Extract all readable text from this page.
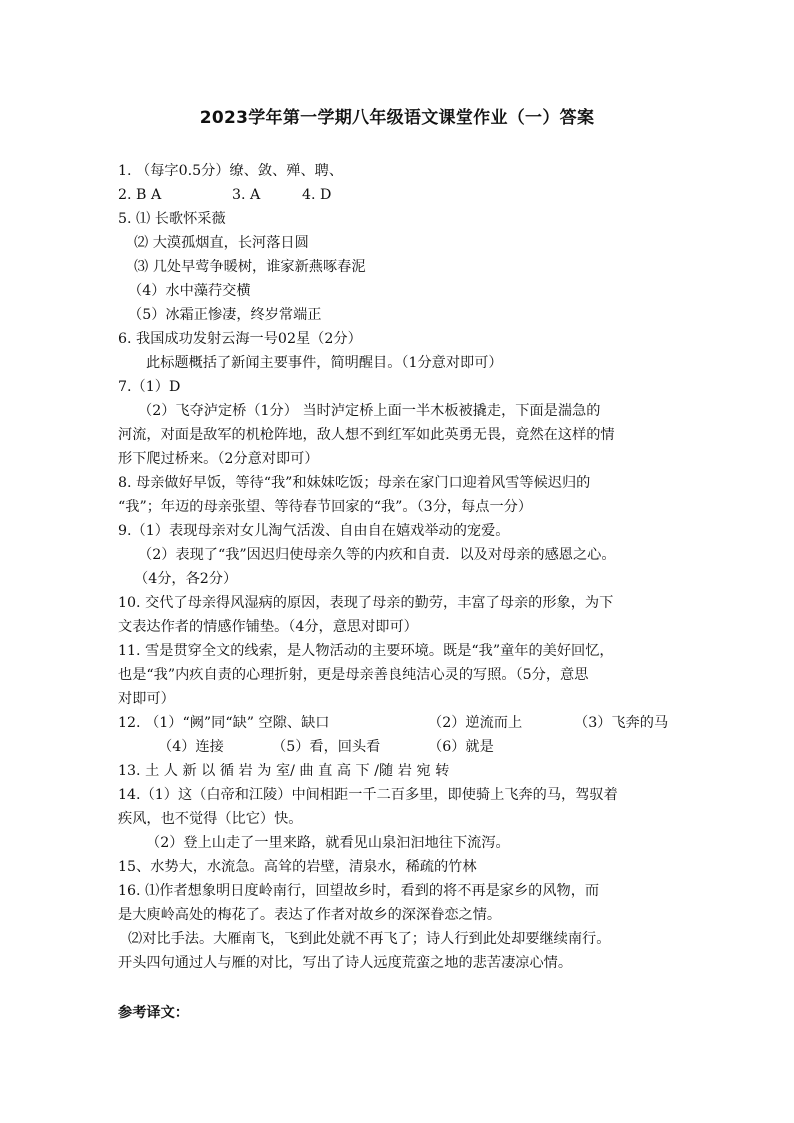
2023学年第一学期八年级语文课堂作业（一）答案
1. （每字0.5分）缭、敛、殚、聘、
2. B A	3. A	4. D
5. ⑴ 长歌怀采薇
⑵ 大漠孤烟直，长河落日圆
⑶ 几处早莺争暖树，谁家新燕啄春泥
（4）水中藻荇交横
（5）冰霜正惨凄，终岁常端正
6. 我国成功发射云海一号02星（2分）
此标题概括了新闻主要事件，简明醒目。（1分意对即可）
7.（1）D
（2）飞夺泸定桥（1分） 当时泸定桥上面一半木板被撬走，下面是湍急的
河流，对面是敌军的机枪阵地，敌人想不到红军如此英勇无畏，竟然在这样的情
形下爬过桥来。（2分意对即可）
8. 母亲做好早饭，等待“我”和妹妹吃饭；母亲在家门口迎着风雪等候迟归的
“我”；年迈的母亲张望、等待春节回家的“我”。（3分，每点一分）
9.（1）表现母亲对女儿淘气活泼、自由自在嬉戏举动的宠爱。
（2）表现了“我”因迟归使母亲久等的内疚和自责．以及对母亲的感恩之心。
（4分，各2分）
10. 交代了母亲得风湿病的原因，表现了母亲的勤劳，丰富了母亲的形象，为下
文表达作者的情感作铺垫。（4分，意思对即可）
11. 雪是贯穿全文的线索，是人物活动的主要环境。既是“我”童年的美好回忆，
也是“我”内疚自责的心理折射，更是母亲善良纯洁心灵的写照。（5分，意思
对即可）
12. （1）“阙”同“缺” 空隙、缺口	（2）逆流而上	（3）飞奔的马
（4）连接	（5）看，回头看	（6）就是
13. 土 人 新 以 循 岩 为 室/ 曲 直 高 下 /随 岩 宛 转
14.（1）这（白帝和江陵）中间相距一千二百多里，即使骑上飞奔的马，驾驭着
疾风，也不觉得（比它）快。
（2）登上山走了一里来路，就看见山泉汩汩地往下流泻。
15、水势大，水流急。高耸的岩壁，清泉水，稀疏的竹林
16. ⑴作者想象明日度岭南行，回望故乡时，看到的将不再是家乡的风物，而
是大庾岭高处的梅花了。表达了作者对故乡的深深眷恋之情。
⑵对比手法。大雁南飞，飞到此处就不再飞了；诗人行到此处却要继续南行。
开头四句通过人与雁的对比，写出了诗人远度荒蛮之地的悲苦凄凉心情。
参考译文：
